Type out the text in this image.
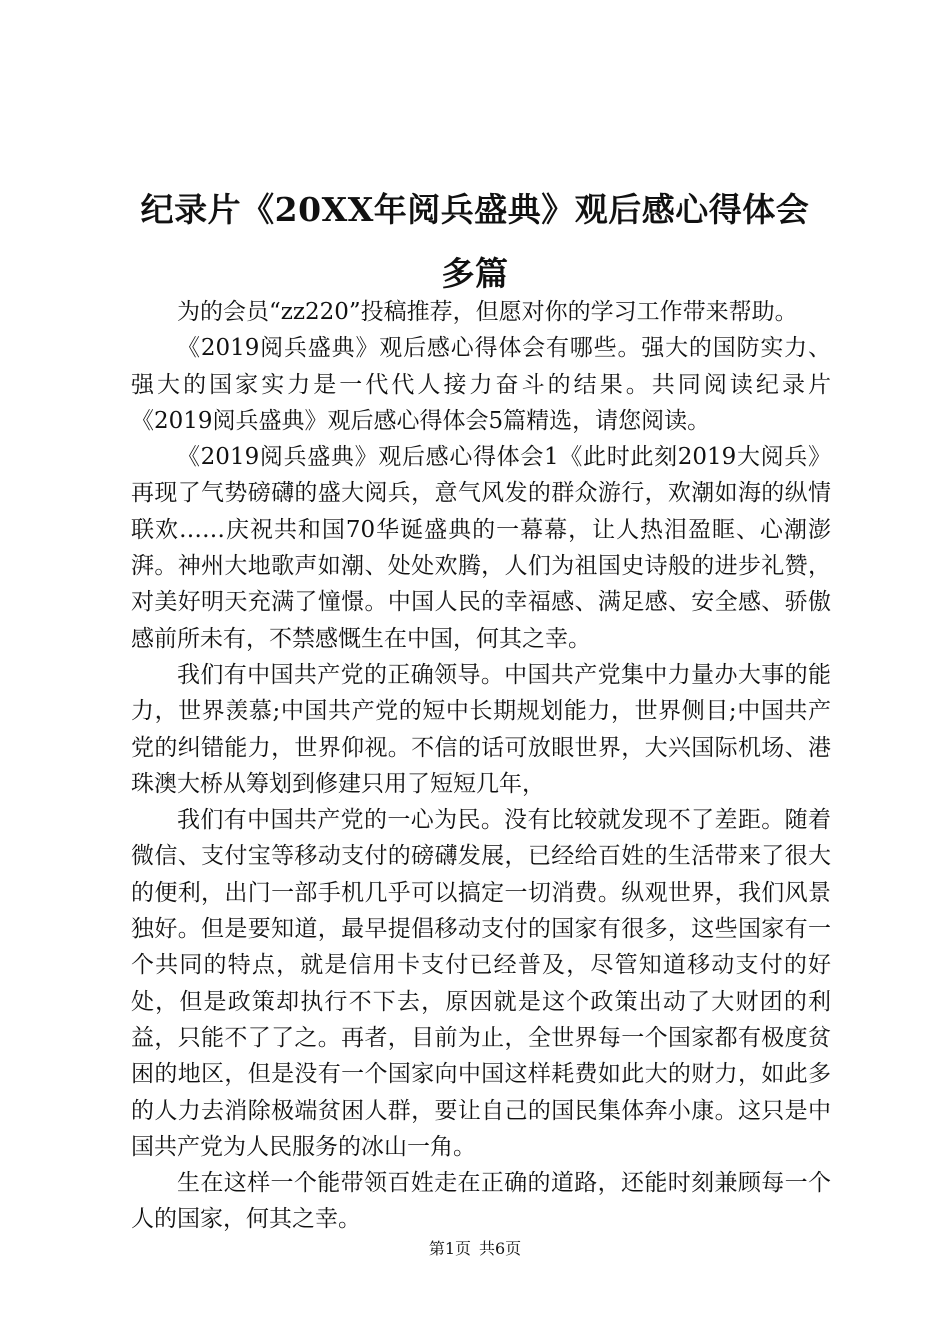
纪录片《20XX年阅兵盛典》观后感心得体会
多篇

为的会员“zz220”投稿推荐，但愿对你的学习工作带来帮助。

《2019阅兵盛典》观后感心得体会有哪些。强大的国防实力、强大的国家实力是一代代人接力奋斗的结果。共同阅读纪录片《2019阅兵盛典》观后感心得体会5篇精选，请您阅读。

《2019阅兵盛典》观后感心得体会1《此时此刻2019大阅兵》再现了气势磅礴的盛大阅兵，意气风发的群众游行，欢潮如海的纵情联欢……庆祝共和国70华诞盛典的一幕幕，让人热泪盈眶、心潮澎湃。神州大地歌声如潮、处处欢腾，人们为祖国史诗般的进步礼赞，对美好明天充满了憧憬。中国人民的幸福感、满足感、安全感、骄傲感前所未有，不禁感慨生在中国，何其之幸。

我们有中国共产党的正确领导。中国共产党集中力量办大事的能力，世界羡慕;中国共产党的短中长期规划能力，世界侧目;中国共产党的纠错能力，世界仰视。不信的话可放眼世界，大兴国际机场、港珠澳大桥从筹划到修建只用了短短几年，

我们有中国共产党的一心为民。没有比较就发现不了差距。随着微信、支付宝等移动支付的磅礴发展，已经给百姓的生活带来了很大的便利，出门一部手机几乎可以搞定一切消费。纵观世界，我们风景独好。但是要知道，最早提倡移动支付的国家有很多，这些国家有一个共同的特点，就是信用卡支付已经普及，尽管知道移动支付的好处，但是政策却执行不下去，原因就是这个政策出动了大财团的利益，只能不了了之。再者，目前为止，全世界每一个国家都有极度贫困的地区，但是没有一个国家向中国这样耗费如此大的财力，如此多的人力去消除极端贫困人群，要让自己的国民集体奔小康。这只是中国共产党为人民服务的冰山一角。

生在这样一个能带领百姓走在正确的道路，还能时刻兼顾每一个人的国家，何其之幸。

第1页 共6页
